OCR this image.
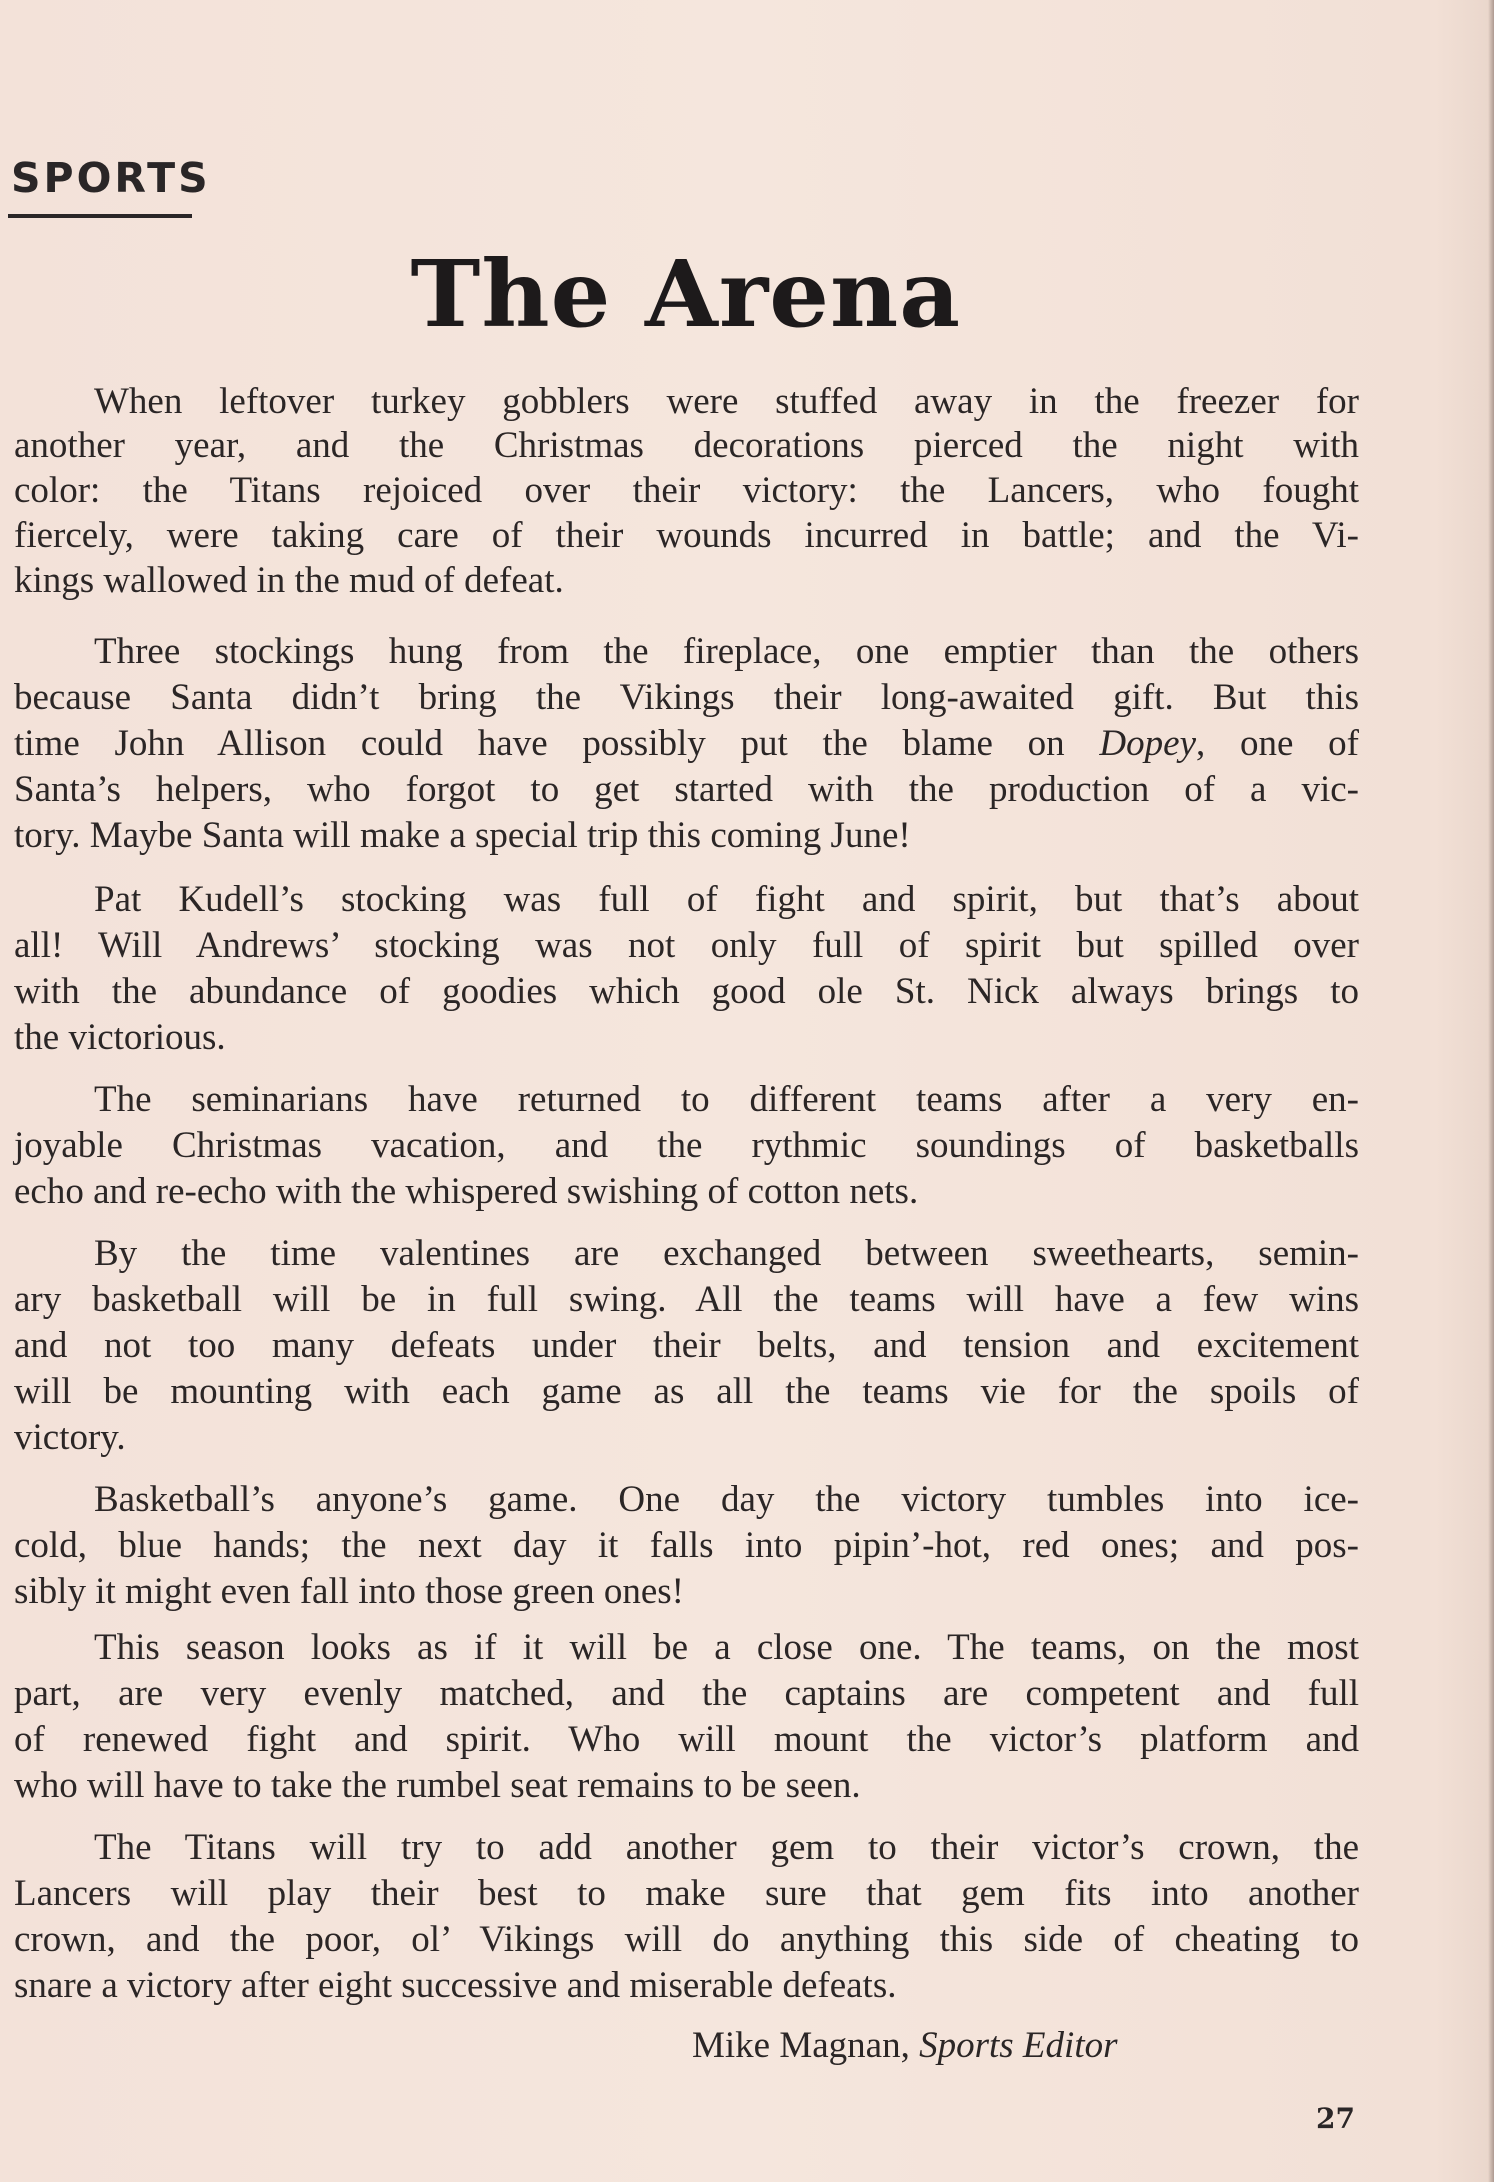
SPORTS
The Arena
When leftover turkey gobblers were stuffed away in the freezer for
another year, and the Christmas decorations pierced the night with
color: the Titans rejoiced over their victory: the Lancers, who fought
fiercely, were taking care of their wounds incurred in battle; and the Vi-
kings wallowed in the mud of defeat.
Three stockings hung from the fireplace, one emptier than the others
because Santa didn’t bring the Vikings their long-awaited gift. But this
time John Allison could have possibly put the blame on Dopey, one of
Santa’s helpers, who forgot to get started with the production of a vic-
tory. Maybe Santa will make a special trip this coming June!
Pat Kudell’s stocking was full of fight and spirit, but that’s about
all! Will Andrews’ stocking was not only full of spirit but spilled over
with the abundance of goodies which good ole St. Nick always brings to
the victorious.
The seminarians have returned to different teams after a very en-
joyable Christmas vacation, and the rythmic soundings of basketballs
echo and re-echo with the whispered swishing of cotton nets.
By the time valentines are exchanged between sweethearts, semin-
ary basketball will be in full swing. All the teams will have a few wins
and not too many defeats under their belts, and tension and excitement
will be mounting with each game as all the teams vie for the spoils of
victory.
Basketball’s anyone’s game. One day the victory tumbles into ice-
cold, blue hands; the next day it falls into pipin’-hot, red ones; and pos-
sibly it might even fall into those green ones!
This season looks as if it will be a close one. The teams, on the most
part, are very evenly matched, and the captains are competent and full
of renewed fight and spirit. Who will mount the victor’s platform and
who will have to take the rumbel seat remains to be seen.
The Titans will try to add another gem to their victor’s crown, the
Lancers will play their best to make sure that gem fits into another
crown, and the poor, ol’ Vikings will do anything this side of cheating to
snare a victory after eight successive and miserable defeats.
Mike Magnan, Sports Editor
27
